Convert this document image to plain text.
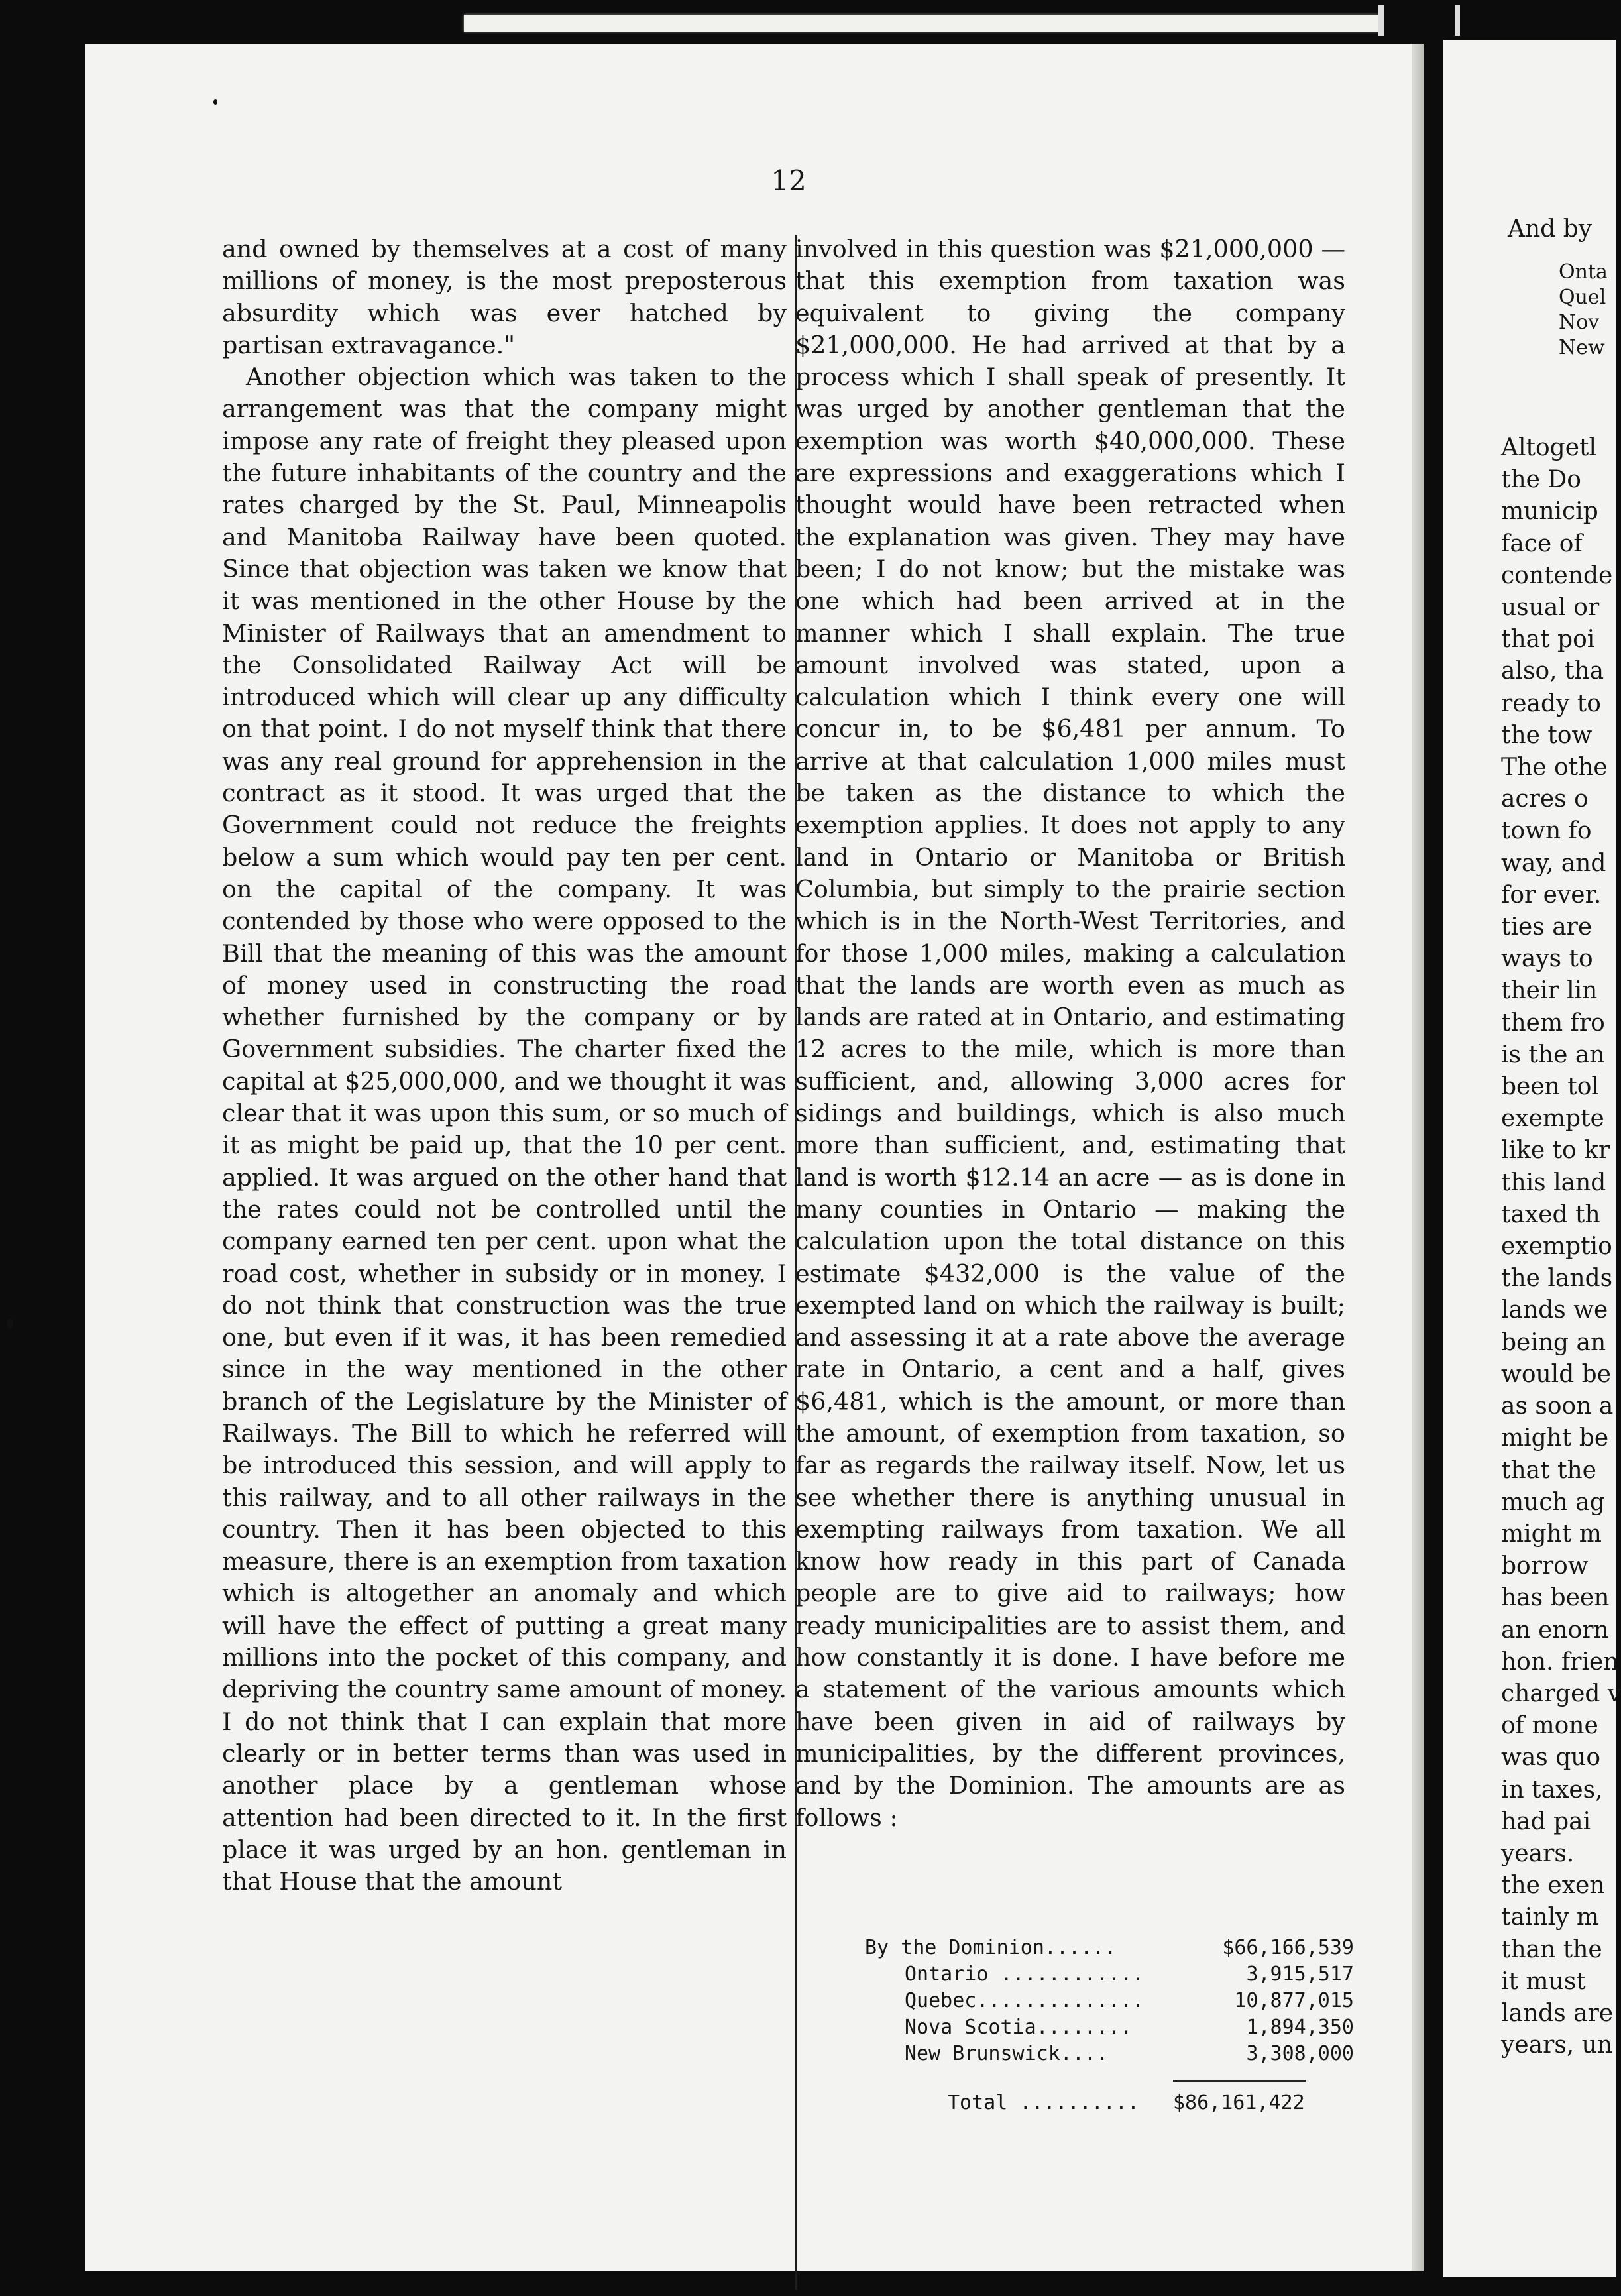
12

and owned by themselves at a cost of many millions of money, is the most preposterous absurdity which was ever hatched by partisan extravagance."

Another objection which was taken to the arrangement was that the company might impose any rate of freight they pleased upon the future inhabitants of the country and the rates charged by the St. Paul, Minneapolis and Manitoba Railway have been quoted. Since that objection was taken we know that it was mentioned in the other House by the Minister of Railways that an amendment to the Consolidated Railway Act will be introduced which will clear up any difficulty on that point. I do not myself think that there was any real ground for apprehension in the contract as it stood. It was urged that the Government could not reduce the freights below a sum which would pay ten per cent. on the capital of the company. It was contended by those who were opposed to the Bill that the meaning of this was the amount of money used in constructing the road whether furnished by the company or by Government subsidies. The charter fixed the capital at $25,000,000, and we thought it was clear that it was upon this sum, or so much of it as might be paid up, that the 10 per cent. applied. It was argued on the other hand that the rates could not be controlled until the company earned ten per cent. upon what the road cost, whether in subsidy or in money. I do not think that construction was the true one, but even if it was, it has been remedied since in the way mentioned in the other branch of the Legislature by the Minister of Railways. The Bill to which he referred will be introduced this session, and will apply to this railway, and to all other railways in the country. Then it has been objected to this measure, there is an exemption from taxation which is altogether an anomaly and which will have the effect of putting a great many millions into the pocket of this company, and depriving the country same amount of money. I do not think that I can explain that more clearly or in better terms than was used in another place by a gentleman whose attention had been directed to it. In the first place it was urged by an hon. gentleman in that House that the amount

involved in this question was $21,000,000 — that this exemption from taxation was equivalent to giving the company $21,000,000. He had arrived at that by a process which I shall speak of presently. It was urged by another gentleman that the exemption was worth $40,000,000. These are expressions and exaggerations which I thought would have been retracted when the explanation was given. They may have been; I do not know; but the mistake was one which had been arrived at in the manner which I shall explain. The true amount involved was stated, upon a calculation which I think every one will concur in, to be $6,481 per annum. To arrive at that calculation 1,000 miles must be taken as the distance to which the exemption applies. It does not apply to any land in Ontario or Manitoba or British Columbia, but simply to the prairie section which is in the North-West Territories, and for those 1,000 miles, making a calculation that the lands are worth even as much as lands are rated at in Ontario, and estimating 12 acres to the mile, which is more than sufficient, and, allowing 3,000 acres for sidings and buildings, which is also much more than sufficient, and, estimating that land is worth $12.14 an acre — as is done in many counties in Ontario — making the calculation upon the total distance on this estimate $432,000 is the value of the exempted land on which the railway is built; and assessing it at a rate above the average rate in Ontario, a cent and a half, gives $6,481, which is the amount, or more than the amount, of exemption from taxation, so far as regards the railway itself. Now, let us see whether there is anything unusual in exempting railways from taxation. We all know how ready in this part of Canada people are to give aid to railways; how ready municipalities are to assist them, and how constantly it is done. I have before me a statement of the various amounts which have been given in aid of railways by municipalities, by the different provinces, and by the Dominion. The amounts are as follows :

By the Dominion......	$66,166,539
Ontario ............	3,915,517
Quebec..............	10,877,015
Nova Scotia........	1,894,350
New Brunswick....	3,308,000
Total .......... $86,161,422
And by
Onta
Quel
Nov
New
Altogetl
the Do
municip
face of
contende
usual or
that poi
also, tha
ready to
the tow
The othe
acres o
town fo
way, and
for ever.
ties are
ways to
their lin
them fro
is the an
been tol
exempte
like to kr
this land
taxed th
exemptio
the lands
lands we
being an
would be
as soon a
might be
that the
much ag
might m
borrow
has been
an enorn
hon. frien
charged v
of mone
was quo
in taxes,
had pai
years.
the exen
tainly m
than the
it must
lands are
years, un
